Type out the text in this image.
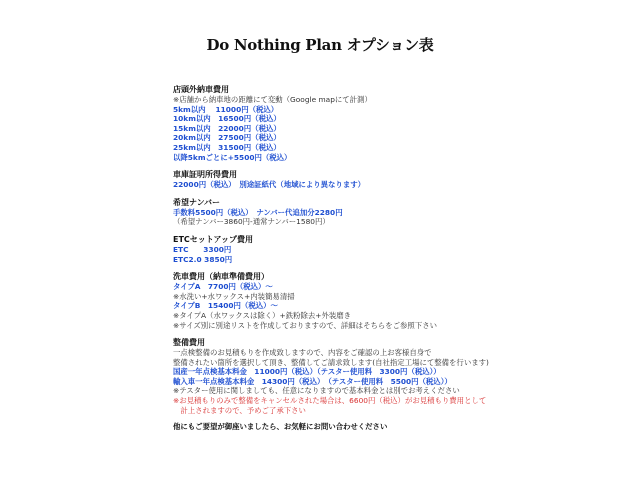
Do Nothing Plan オプション表
店頭外納車費用
※店舗から納車地の距離にて変動（Google mapにて計測）
5km以内　 11000円（税込）
10km以内　16500円（税込）
15km以内　22000円（税込）
20km以内　27500円（税込）
25km以内　31500円（税込）
以降5kmごとに+5500円（税込）
車庫証明所得費用
22000円（税込）　別途証紙代（地域により異なります）
希望ナンバー
手数料5500円（税込）　ナンバー代追加分2280円
（希望ナンバー3860円-通常ナンバー1580円）
ETCセットアップ費用
ETC　　3300円
ETC2.0 3850円
洗車費用（納車準備費用）
タイプA　7700円（税込）～
※水洗い+水ワックス+内装簡易清掃
タイプB　15400円（税込）～
※タイプA（水ワックスは除く）+鉄粉除去+外装磨き
※サイズ別に別途リストを作成しておりますので、詳細はそちらをご参照下さい
整備費用
一点検整備のお見積もりを作成致しますので、内容をご確認の上お客様自身で
整備されたい箇所を選択して頂き、整備してご請求致します(自社指定工場にて整備を行います)
国産一年点検基本料金　11000円（税込）（テスター使用料　3300円（税込））
輸入車一年点検基本料金　14300円（税込）　（テスター使用料　5500円（税込））
※テスター使用に関しましても、任意になりますので基本料金とは別でお考えください
※お見積もりのみで整備をキャンセルされた場合は、6600円（税込）がお見積もり費用として
　計上されますので、予めご了承下さい
他にもご要望が御座いましたら、お気軽にお問い合わせください
